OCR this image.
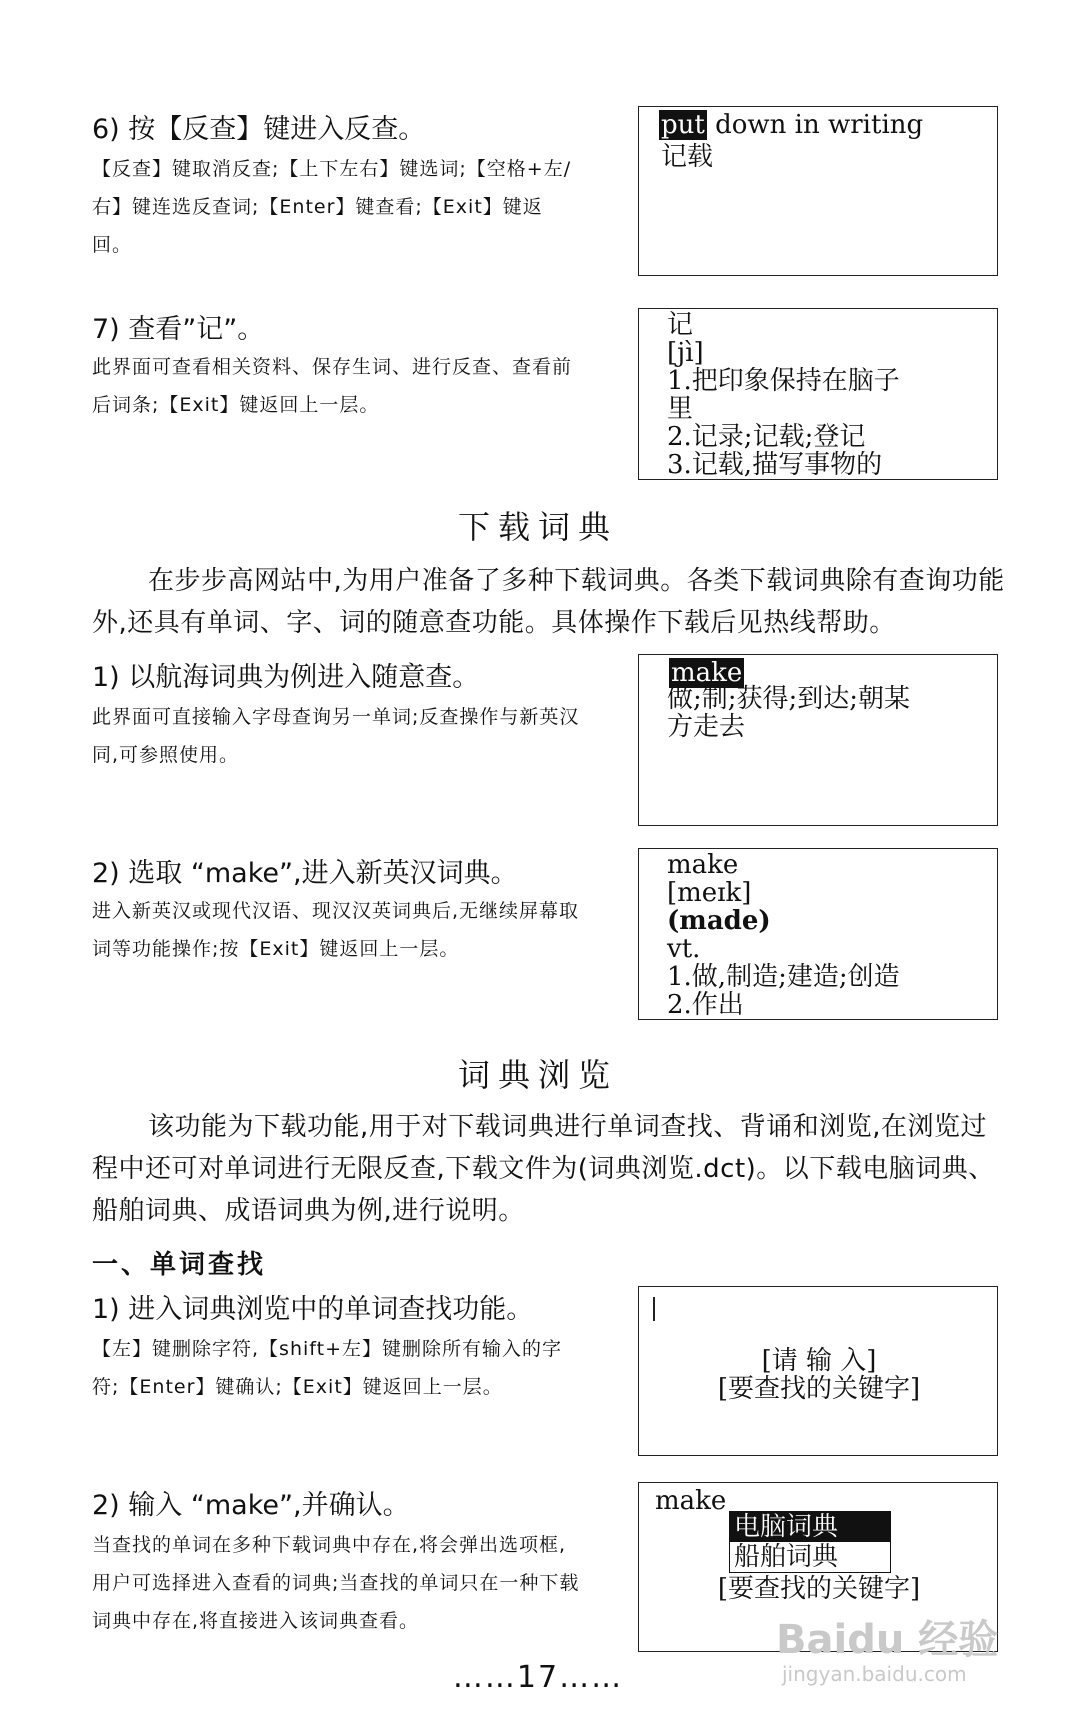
6) 按【反查】键进入反查。
【反查】键取消反查;【上下左右】键选词;【空格+左/右】键连选反查词;【Enter】键查看;【Exit】键返回。
put down in writing
记载
7) 查看”记”。
此界面可查看相关资料、保存生词、进行反查、查看前后词条;【Exit】键返回上一层。
记
[jì]
1.把印象保持在脑子
里
2.记录;记载;登记
3.记载,描写事物的
下载词典
在步步高网站中,为用户准备了多种下载词典。各类下载词典除有查询功能外,还具有单词、字、词的随意查功能。具体操作下载后见热线帮助。
1) 以航海词典为例进入随意查。
此界面可直接输入字母查询另一单词;反查操作与新英汉同,可参照使用。
make
做;制;获得;到达;朝某
方走去
2) 选取 “make”,进入新英汉词典。
进入新英汉或现代汉语、现汉汉英词典后,无继续屏幕取词等功能操作;按【Exit】键返回上一层。
make
[meɪk]
(made)
vt.
1.做,制造;建造;创造
2.作出
词典浏览
该功能为下载功能,用于对下载词典进行单词查找、背诵和浏览,在浏览过程中还可对单词进行无限反查,下载文件为(词典浏览.dct)。以下载电脑词典、船舶词典、成语词典为例,进行说明。
一、单词查找
1) 进入词典浏览中的单词查找功能。
【左】键删除字符,【shift+左】键删除所有输入的字符;【Enter】键确认;【Exit】键返回上一层。
[请 输 入]
[要查找的关键字]
2) 输入 “make”,并确认。
当查找的单词在多种下载词典中存在,将会弹出选项框,用户可选择进入查看的词典;当查找的单词只在一种下载词典中存在,将直接进入该词典查看。
make
[要查找的关键字]
电脑词典
船舶词典
……17……
Baidu 经验
jingyan.baidu.com
